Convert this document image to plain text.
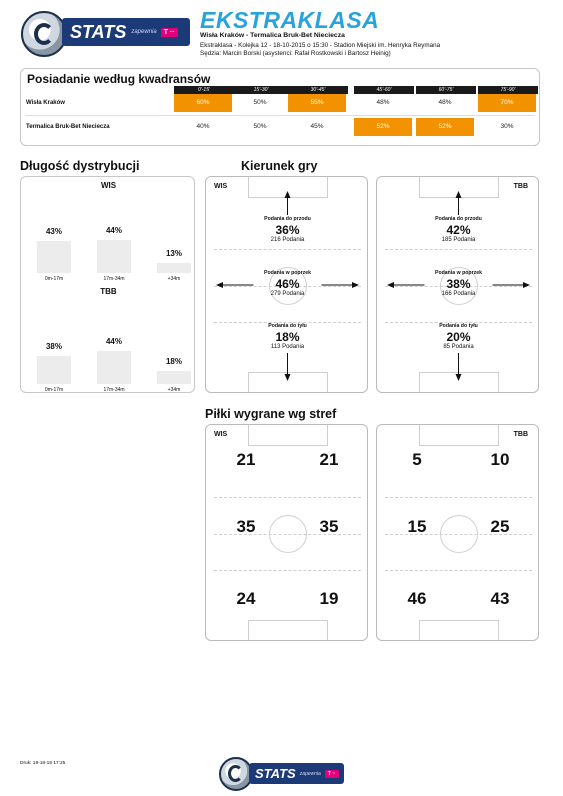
STATS zapewnia	T ·· EKSTRAKLASA
Wisła Kraków - Termalica Bruk-Bet Nieciecza
Ekstraklasa - Kolejka 12 - 18-10-2015 o 15:30 - Stadion Miejski im. Henryka Reymana
Sędzia: Marcin Borski (asystenci: Rafał Rostkowski i Bartosz Heinig)
Posiadanie według kwadransów
0'-15'	15'-30'	30'-45'	45'-60'	60'-75'	75'-90'
Wisła Kraków	60%	50%	55%	48%	48%	70%
Termalica Bruk-Bet Nieciecza	40%	50%	45%	52%	52%	30%
Długość dystrybucji
WIS
43%
0m-17m
44%
17m-34m
13%
+34m
TBB
38%
0m-17m
44%
17m-34m
18%
+34m
Kierunek gry
WIS
Podania do przodu
36%
216 Podania
Podania w poprzek
46%
279 Podania
Podania do tyłu
18%
113 Podania
TBB
Podania do przodu
42%
185 Podania
Podania w poprzek
38%
166 Podania
Podania do tyłu
20%
85 Podania
Piłki wygrane wg stref
WIS
21	21
35	35
24	19
TBB
5	10
15	25
46	43
Druk: 18-18-15 17:25
STATS zapewnia	T ··
